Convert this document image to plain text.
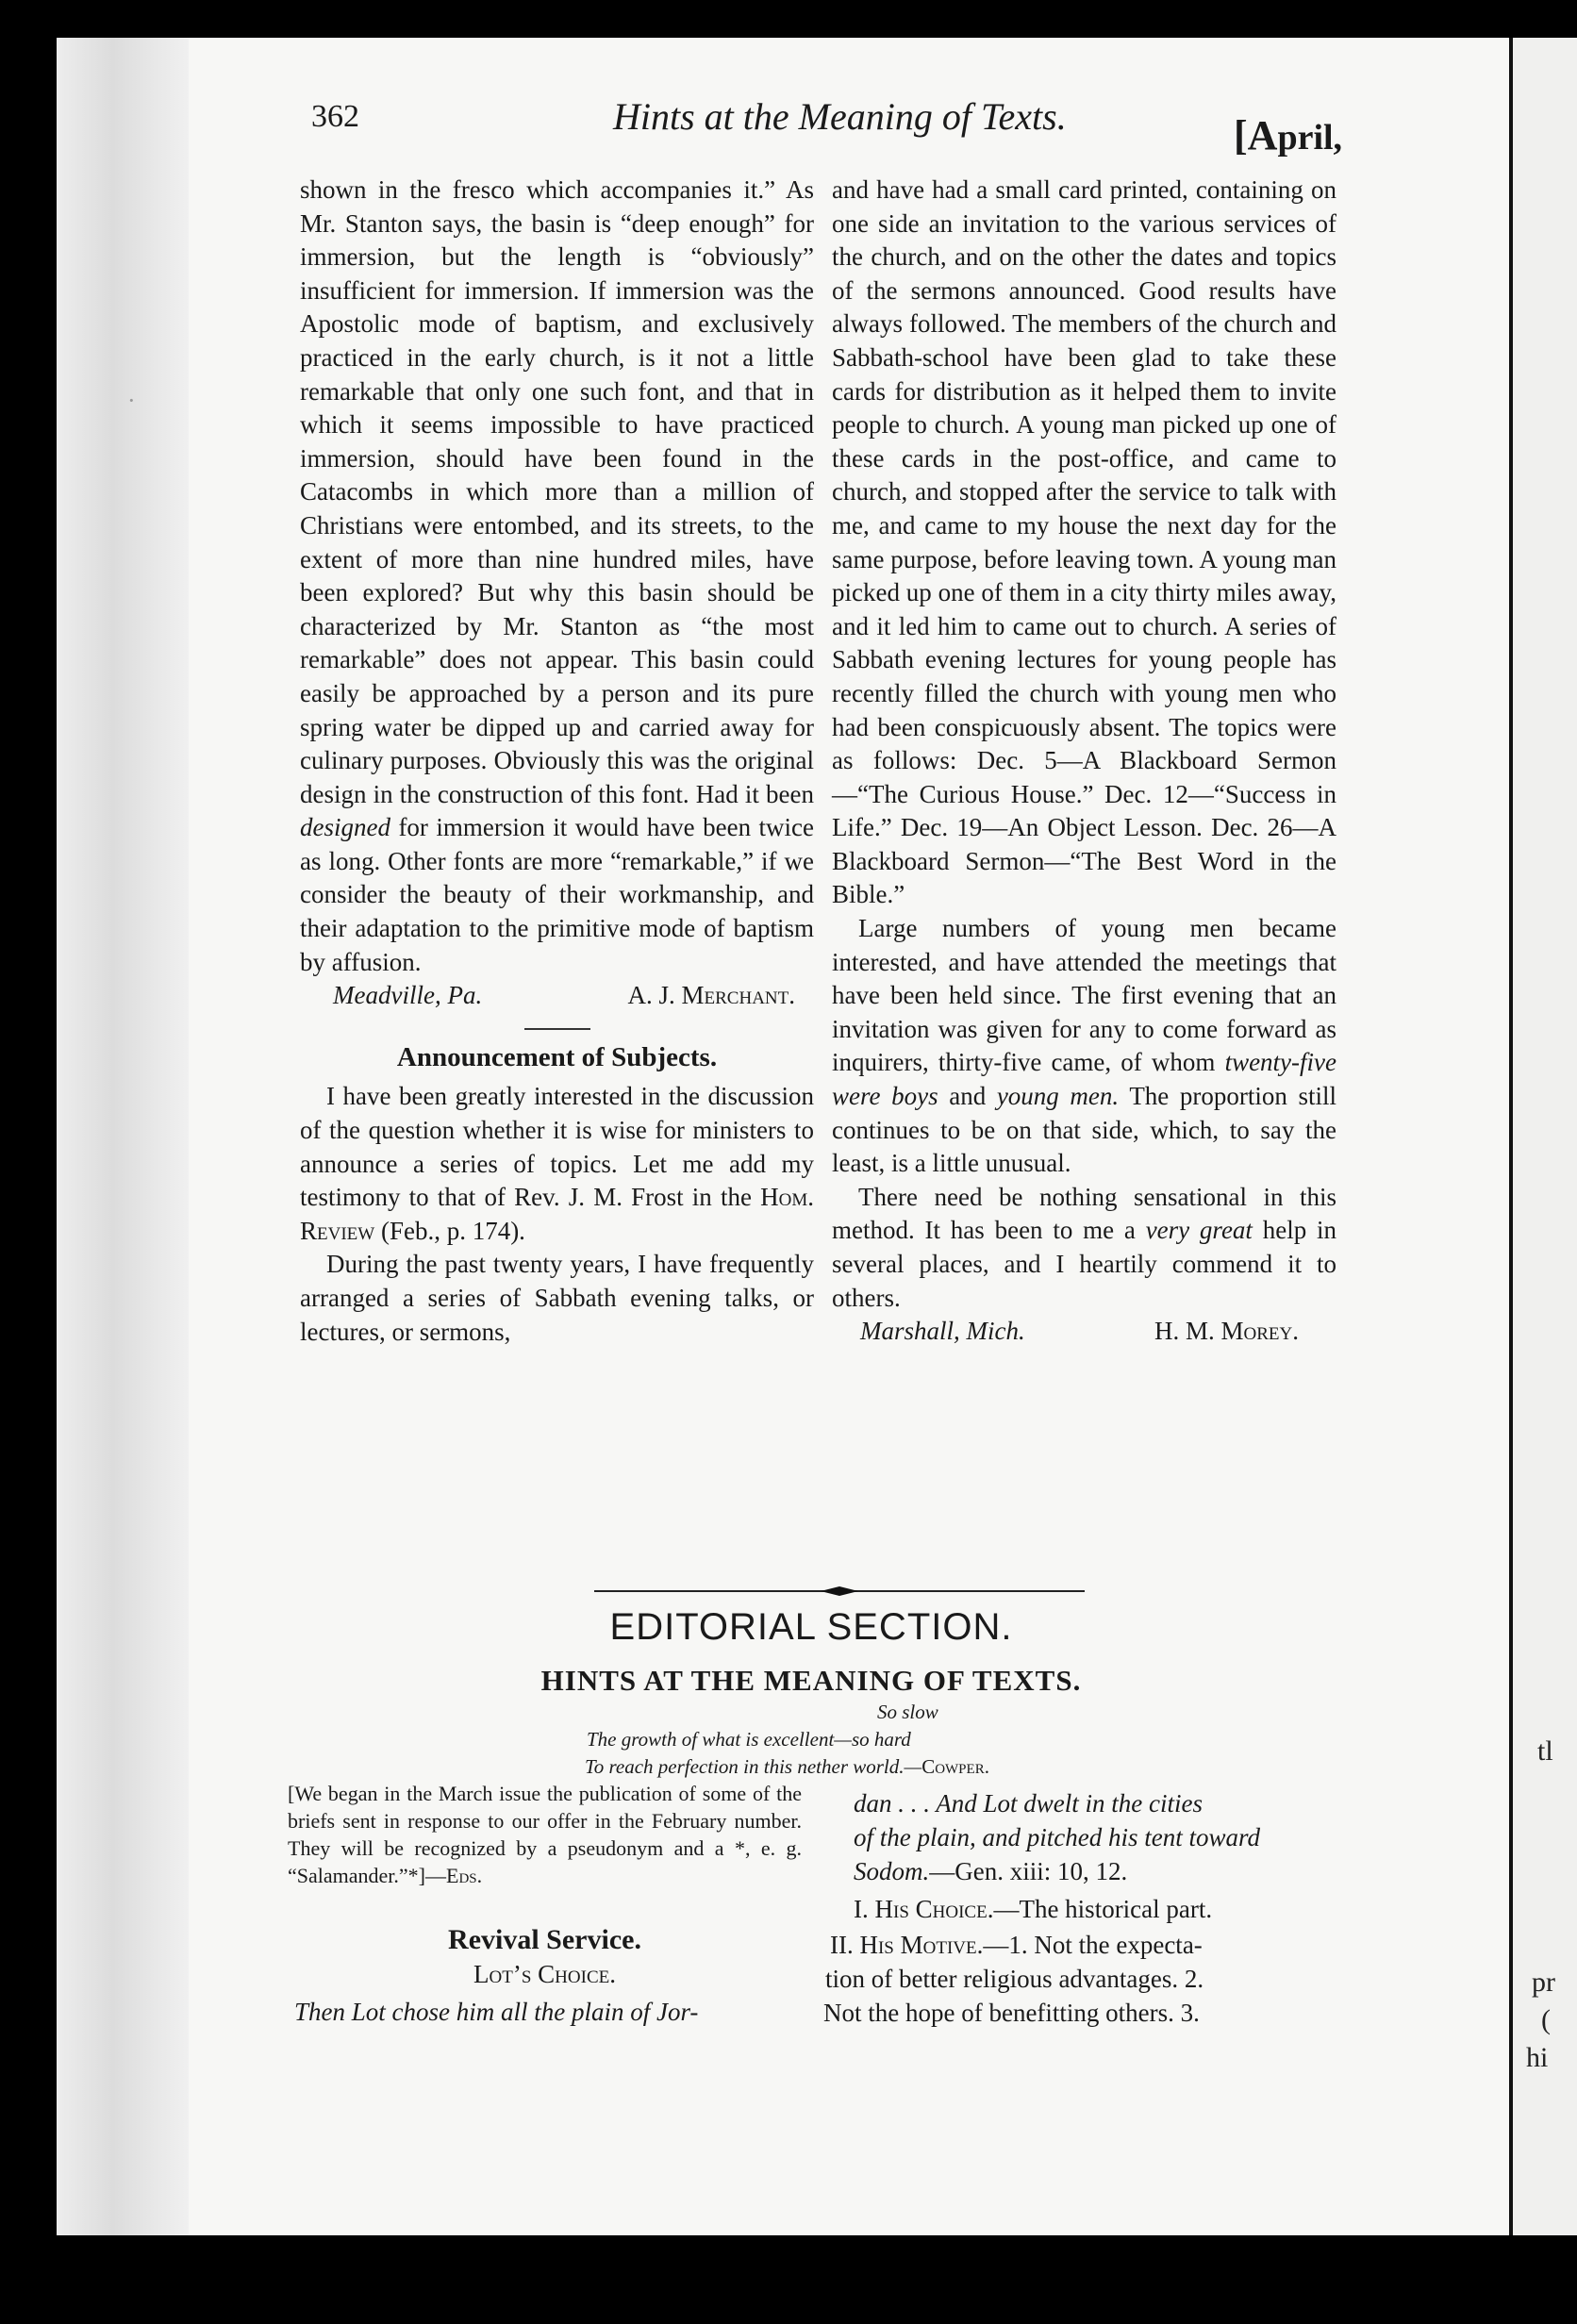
tl
pr
(
hi
·
362	Hints at the Meaning of Texts.	[April,

shown in the fresco which accompanies it.” As Mr. Stanton says, the basin is “deep enough” for immersion, but the length is “obviously” insufficient for immersion. If immersion was the Apostolic mode of baptism, and exclusively practiced in the early church, is it not a little remarkable that only one such font, and that in which it seems impossible to have practiced immersion, should have been found in the Catacombs in which more than a million of Christians were entombed, and its streets, to the extent of more than nine hundred miles, have been explored? But why this basin should be characterized by Mr. Stanton as “the most remarkable” does not appear. This basin could easily be approached by a person and its pure spring water be dipped up and carried away for culinary purposes. Obviously this was the original design in the construction of this font. Had it been designed for immersion it would have been twice as long. Other fonts are more “remarkable,” if we consider the beauty of their workmanship, and their adaptation to the primitive mode of baptism by affusion.

Meadville, Pa.	A. J. Merchant.
Announcement of Subjects.

I have been greatly interested in the discussion of the question whether it is wise for ministers to announce a series of topics. Let me add my testimony to that of Rev. J. M. Frost in the Hom. Review (Feb., p. 174).

During the past twenty years, I have frequently arranged a series of Sabbath evening talks, or lectures, or sermons,

and have had a small card printed, containing on one side an invitation to the various services of the church, and on the other the dates and topics of the sermons announced. Good results have always followed. The members of the church and Sabbath-school have been glad to take these cards for distribution as it helped them to invite people to church. A young man picked up one of these cards in the post-office, and came to church, and stopped after the service to talk with me, and came to my house the next day for the same purpose, before leaving town. A young man picked up one of them in a city thirty miles away, and it led him to came out to church. A series of Sabbath evening lectures for young people has recently filled the church with young men who had been conspicuously absent. The topics were as follows: Dec. 5—A Blackboard Sermon—“The Curious House.” Dec. 12—“Success in Life.” Dec. 19—An Object Lesson. Dec. 26—A Blackboard Sermon—“The Best Word in the Bible.”

Large numbers of young men became interested, and have attended the meetings that have been held since. The first evening that an invitation was given for any to come forward as inquirers, thirty-five came, of whom twenty-five were boys and young men. The proportion still continues to be on that side, which, to say the least, is a little unusual.

There need be nothing sensational in this method. It has been to me a very great help in several places, and I heartily commend it to others.

Marshall, Mich.	H. M. Morey.
EDITORIAL SECTION.
HINTS AT THE MEANING OF TEXTS.
So slow
The growth of what is excellent—so hard
To reach perfection in this nether world.—Cowper.
[We began in the March issue the publication of some of the briefs sent in response to our offer in the February number. They will be recognized by a pseudonym and a *, e. g. “Salamander.”*]—Eds.
Revival Service.
Lot’s Choice.
Then Lot chose him all the plain of Jor-
dan . . . And Lot dwelt in the cities
of the plain, and pitched his tent toward
Sodom.—Gen. xiii: 10, 12.
I. His Choice.—The historical part.
II. His Motive.—1. Not the expecta-
tion of better religious advantages. 2.
Not the hope of benefitting others. 3.
